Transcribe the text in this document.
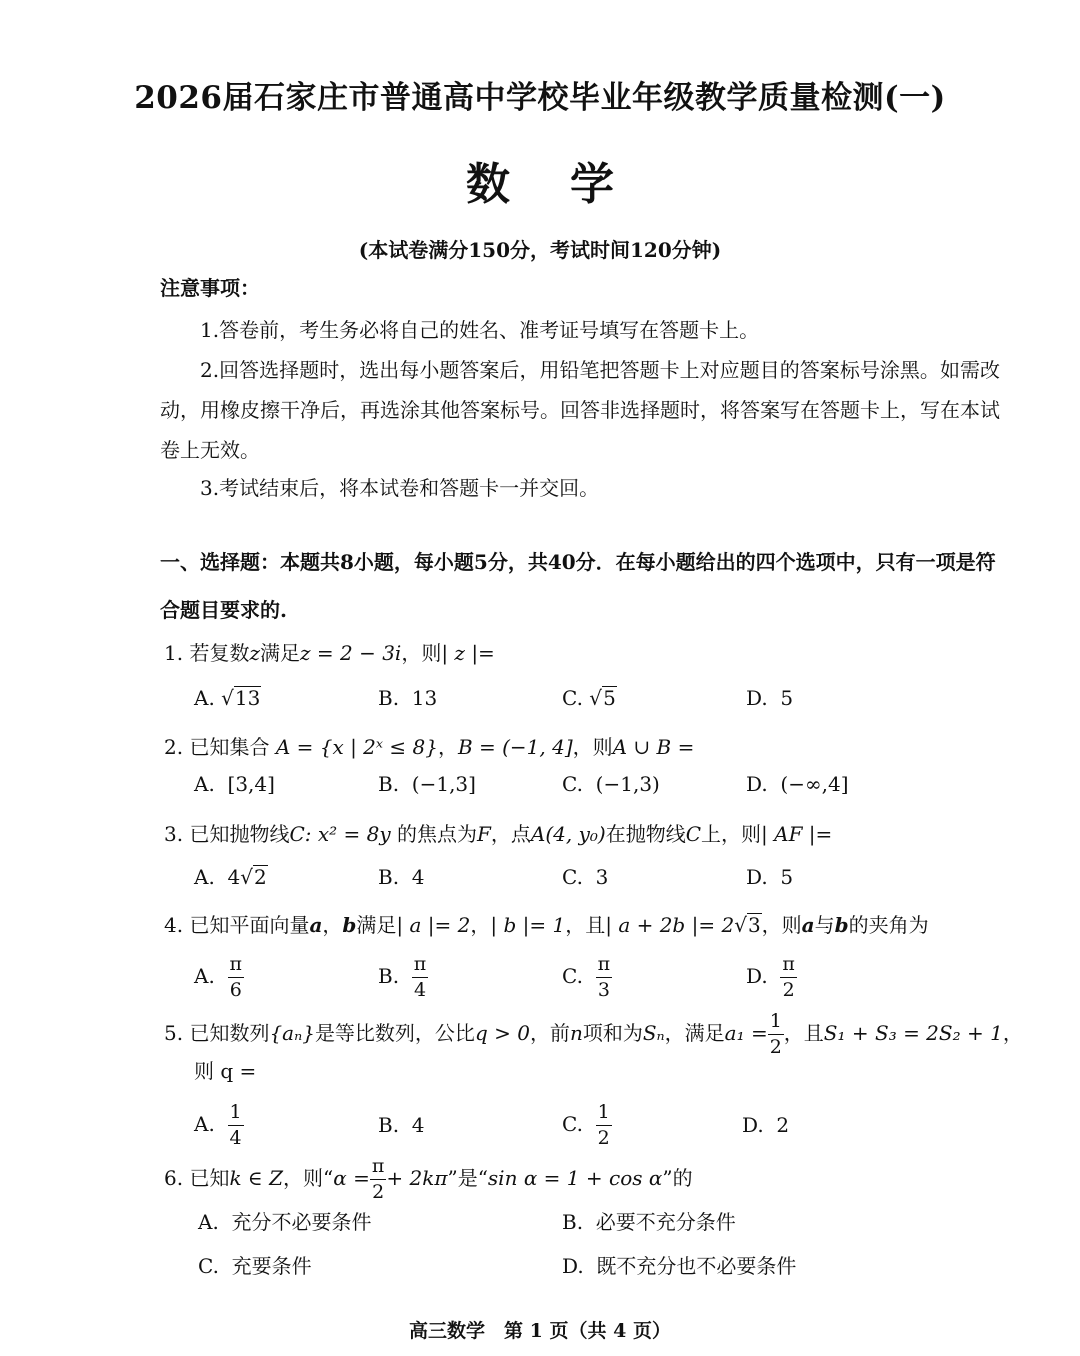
2026届石家庄市普通高中学校毕业年级教学质量检测(一)
数学
(本试卷满分150分，考试时间120分钟)
注意事项：
1.答卷前，考生务必将自己的姓名、准考证号填写在答题卡上。
2.回答选择题时，选出每小题答案后，用铅笔把答题卡上对应题目的答案标号涂黑。如需改动，用橡皮擦干净后，再选涂其他答案标号。回答非选择题时，将答案写在答题卡上，写在本试卷上无效。
3.考试结束后，将本试卷和答题卡一并交回。
一、选择题：本题共8小题，每小题5分，共40分．在每小题给出的四个选项中，只有一项是符合题目要求的.
1. 若复数z满足z = 2 − 3i，则| z |=
A. √13	B. 13	C. √5	D. 5
2. 已知集合 A = {x | 2ˣ ≤ 8}，B = (−1, 4]，则A ∪ B =
A. [3,4]	B. (−1,3]	C. (−1,3)	D. (−∞,4]
3. 已知抛物线C: x² = 8y 的焦点为F，点A(4, y₀)在抛物线C上，则| AF |=
A. 4√2	B. 4	C. 3	D. 5
4. 已知平面向量a，b满足| a |= 2，| b |= 1，且| a + 2b |= 2√3，则a与b的夹角为
A. $\frac{\pi}{6}$	B. $\frac{\pi}{4}$	C. $\frac{\pi}{3}$	D. $\frac{\pi}{2}$
5. 已知数列{aₙ}是等比数列，公比q > 0，前n项和为Sₙ，满足$a_1 = \frac{1}{2}$ ，且S₁ + S₃ = 2S₂ + 1，
则 q =
A. $\frac{1}{4}$	B. 4	C. $\frac{1}{2}$	D. 2
6. 已知k ∈ Z，则“$\alpha = \frac{\pi}{2} + 2k\pi$”是“sin α = 1 + cos α”的
A. 充分不必要条件	B. 必要不充分条件
C. 充要条件	D. 既不充分也不必要条件
高三数学　第 1 页（共 4 页）
